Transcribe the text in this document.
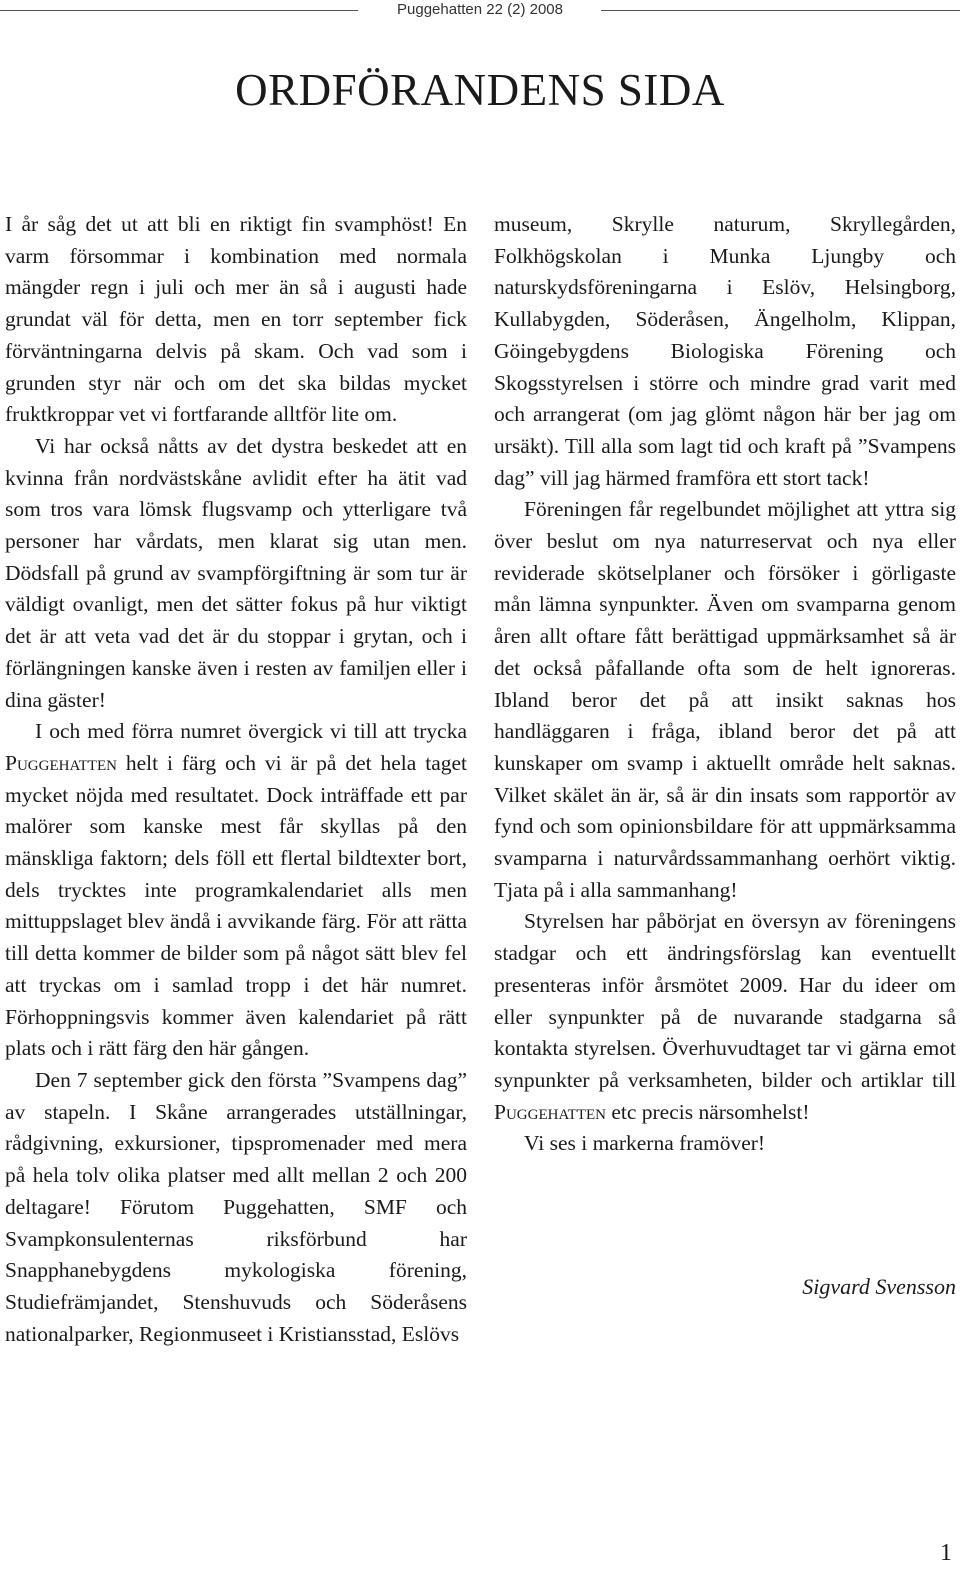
Puggehatten 22 (2) 2008
ORDFÖRANDENS SIDA

I år såg det ut att bli en riktigt fin svamphöst! En varm försommar i kombination med normala mängder regn i juli och mer än så i augusti hade grundat väl för detta, men en torr september fick förväntningarna delvis på skam. Och vad som i grunden styr när och om det ska bildas mycket fruktkroppar vet vi fortfarande alltför lite om.

Vi har också nåtts av det dystra beskedet att en kvinna från nordvästskåne avlidit efter ha ätit vad som tros vara lömsk flugsvamp och ytterligare två personer har vårdats, men klarat sig utan men. Dödsfall på grund av svampförgiftning är som tur är väldigt ovanligt, men det sätter fokus på hur viktigt det är att veta vad det är du stoppar i grytan, och i förlängningen kanske även i resten av familjen eller i dina gäster!

I och med förra numret övergick vi till att trycka Puggehatten helt i färg och vi är på det hela taget mycket nöjda med resultatet. Dock inträffade ett par malörer som kanske mest får skyllas på den mänskliga faktorn; dels föll ett flertal bildtexter bort, dels trycktes inte programkalendariet alls men mittuppslaget blev ändå i avvikande färg. För att rätta till detta kommer de bilder som på något sätt blev fel att tryckas om i samlad tropp i det här numret. Förhoppningsvis kommer även kalendariet på rätt plats och i rätt färg den här gången.

Den 7 september gick den första ”Svampens dag” av stapeln. I Skåne arrangerades utställningar, rådgivning, exkursioner, tipspromenader med mera på hela tolv olika platser med allt mellan 2 och 200 deltagare! Förutom Puggehatten, SMF och Svampkonsulenternas riksförbund har Snapphanebygdens mykologiska förening, Studiefrämjandet, Stenshuvuds och Söderåsens nationalparker, Regionmuseet i Kristiansstad, Eslövs

museum, Skrylle naturum, Skryllegården, Folkhögskolan i Munka Ljungby och naturskydsföreningarna i Eslöv, Helsingborg, Kullabygden, Söderåsen, Ängelholm, Klippan, Göingebygdens Biologiska Förening och Skogsstyrelsen i större och mindre grad varit med och arrangerat (om jag glömt någon här ber jag om ursäkt). Till alla som lagt tid och kraft på ”Svampens dag” vill jag härmed framföra ett stort tack!

Föreningen får regelbundet möjlighet att yttra sig över beslut om nya naturreservat och nya eller reviderade skötselplaner och försöker i görligaste mån lämna synpunkter. Även om svamparna genom åren allt oftare fått berättigad uppmärksamhet så är det också påfallande ofta som de helt ignoreras. Ibland beror det på att insikt saknas hos handläggaren i fråga, ibland beror det på att kunskaper om svamp i aktuellt område helt saknas. Vilket skälet än är, så är din insats som rapportör av fynd och som opinionsbildare för att uppmärksamma svamparna i naturvårdssammanhang oerhört viktig. Tjata på i alla sammanhang!

Styrelsen har påbörjat en översyn av föreningens stadgar och ett ändringsförslag kan eventuellt presenteras inför årsmötet 2009. Har du ideer om eller synpunkter på de nuvarande stadgarna så kontakta styrelsen. Överhuvudtaget tar vi gärna emot synpunkter på verksamheten, bilder och artiklar till Puggehatten etc precis närsomhelst!

Vi ses i markerna framöver!

Sigvard Svensson
1
